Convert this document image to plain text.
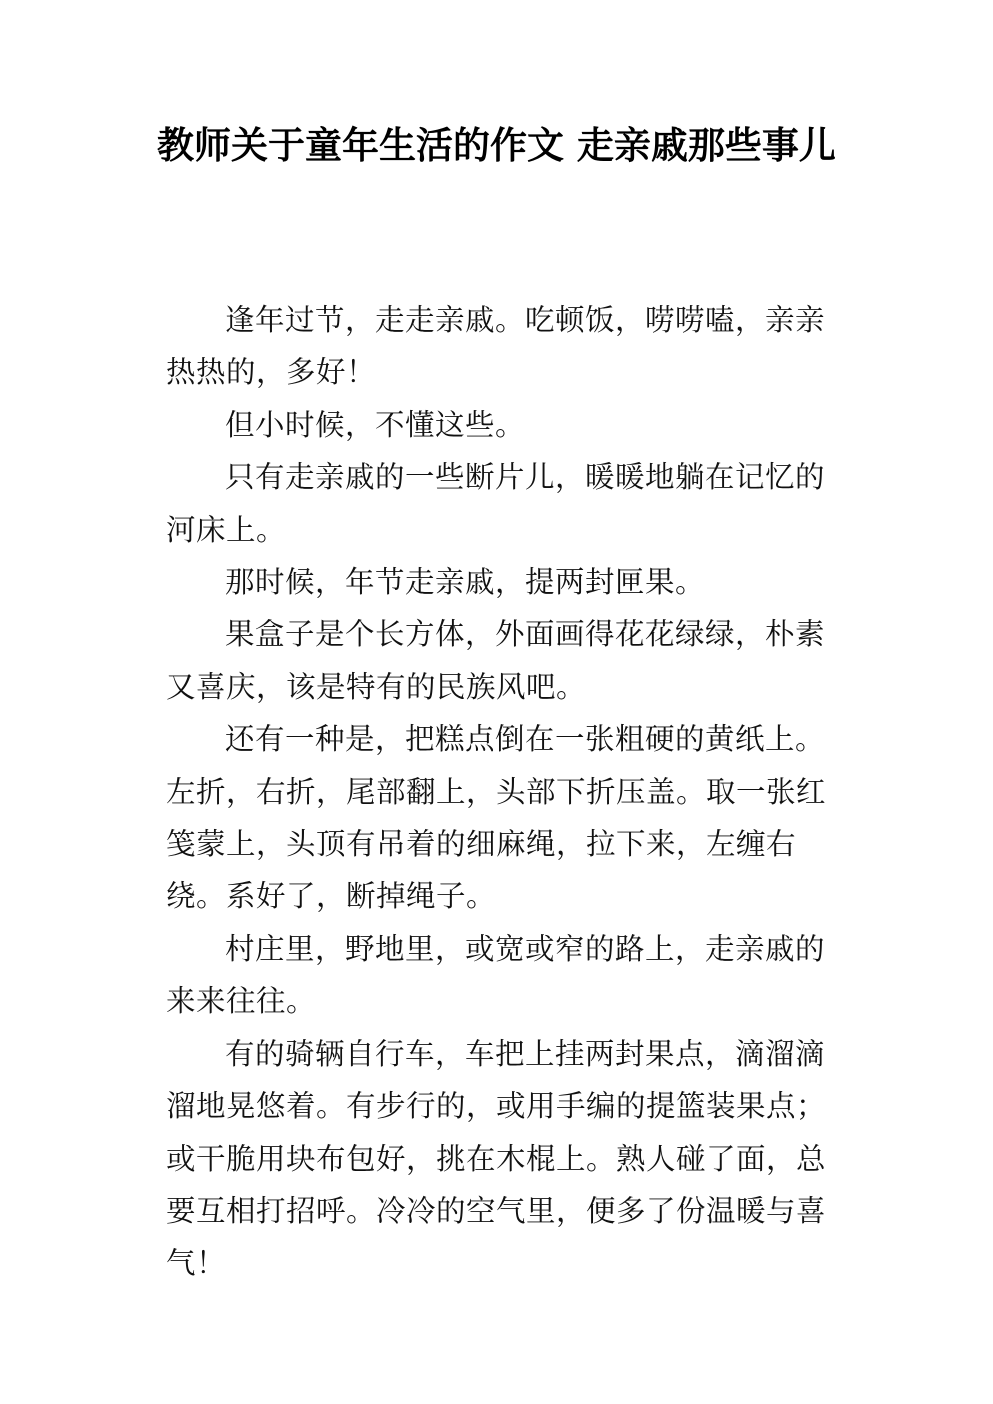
教师关于童年生活的作文 走亲戚那些事儿

逢年过节，走走亲戚。吃顿饭，唠唠嗑，亲亲热热的，多好！

但小时候，不懂这些。

只有走亲戚的一些断片儿，暖暖地躺在记忆的河床上。

那时候，年节走亲戚，提两封匣果。

果盒子是个长方体，外面画得花花绿绿，朴素又喜庆，该是特有的民族风吧。

还有一种是，把糕点倒在一张粗硬的黄纸上。左折，右折，尾部翻上，头部下折压盖。取一张红笺蒙上，头顶有吊着的细麻绳，拉下来，左缠右绕。系好了，断掉绳子。

村庄里，野地里，或宽或窄的路上，走亲戚的来来往往。

有的骑辆自行车，车把上挂两封果点，滴溜滴溜地晃悠着。有步行的，或用手编的提篮装果点；或干脆用块布包好，挑在木棍上。熟人碰了面，总要互相打招呼。冷冷的空气里，便多了份温暖与喜气！
